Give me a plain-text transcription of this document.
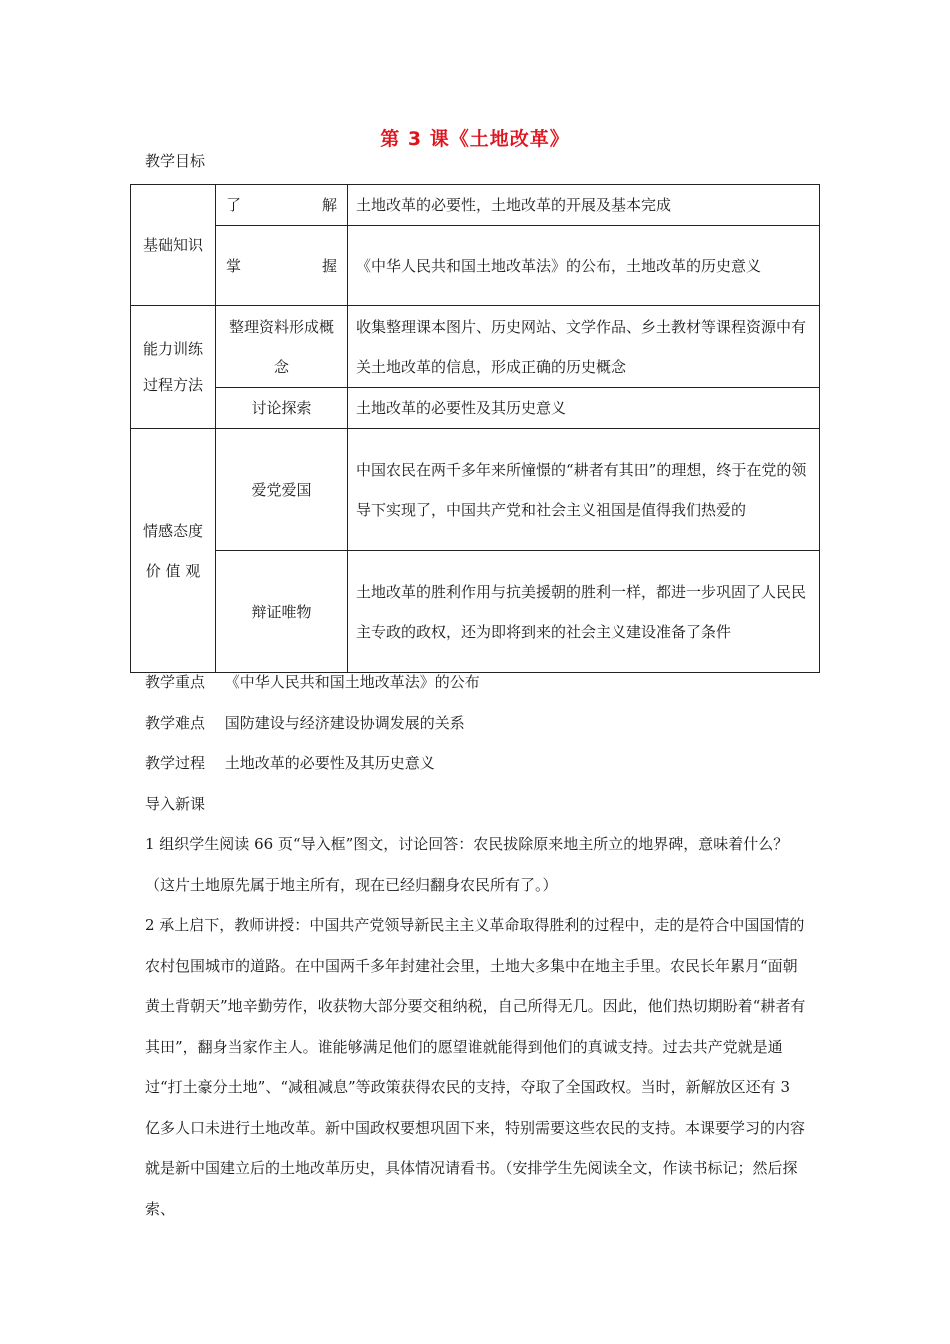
第 3 课《土地改革》
教学目标
基础知识	了 解	土地改革的必要性，土地改革的开展及基本完成

	掌 握	《中华人民共和国土地改革法》的公布，土地改革的历史意义

能力训练
过程方法	整理资料形成概念	收集整理课本图片、历史网站、文学作品、乡土教材等课程资源中有关土地改革的信息，形成正确的历史概念
	讨论探索	土地改革的必要性及其历史意义

情感态度
价 值 观	爱党爱国	中国农民在两千多年来所憧憬的“耕者有其田”的理想，终于在党的领导下实现了，中国共产党和社会主义祖国是值得我们热爱的
	辩证唯物	土地改革的胜利作用与抗美援朝的胜利一样，都进一步巩固了人民民主专政的政权，还为即将到来的社会主义建设准备了条件
教学重点　 《中华人民共和国土地改革法》的公布
教学难点　 国防建设与经济建设协调发展的关系
教学过程　 土地改革的必要性及其历史意义
导入新课
1 组织学生阅读 66 页“导入框”图文，讨论回答：农民拔除原来地主所立的地界碑，意味着什么？（这片土地原先属于地主所有，现在已经归翻身农民所有了。）
2 承上启下，教师讲授：中国共产党领导新民主主义革命取得胜利的过程中，走的是符合中国国情的农村包围城市的道路。在中国两千多年封建社会里，土地大多集中在地主手里。农民长年累月“面朝黄土背朝天”地辛勤劳作，收获物大部分要交租纳税，自己所得无几。因此，他们热切期盼着“耕者有其田”，翻身当家作主人。谁能够满足他们的愿望谁就能得到他们的真诚支持。过去共产党就是通过“打土豪分土地”、“减租减息”等政策获得农民的支持，夺取了全国政权。当时，新解放区还有 3 亿多人口未进行土地改革。新中国政权要想巩固下来，特别需要这些农民的支持。本课要学习的内容就是新中国建立后的土地改革历史，具体情况请看书。（安排学生先阅读全文，作读书标记；然后探索、
